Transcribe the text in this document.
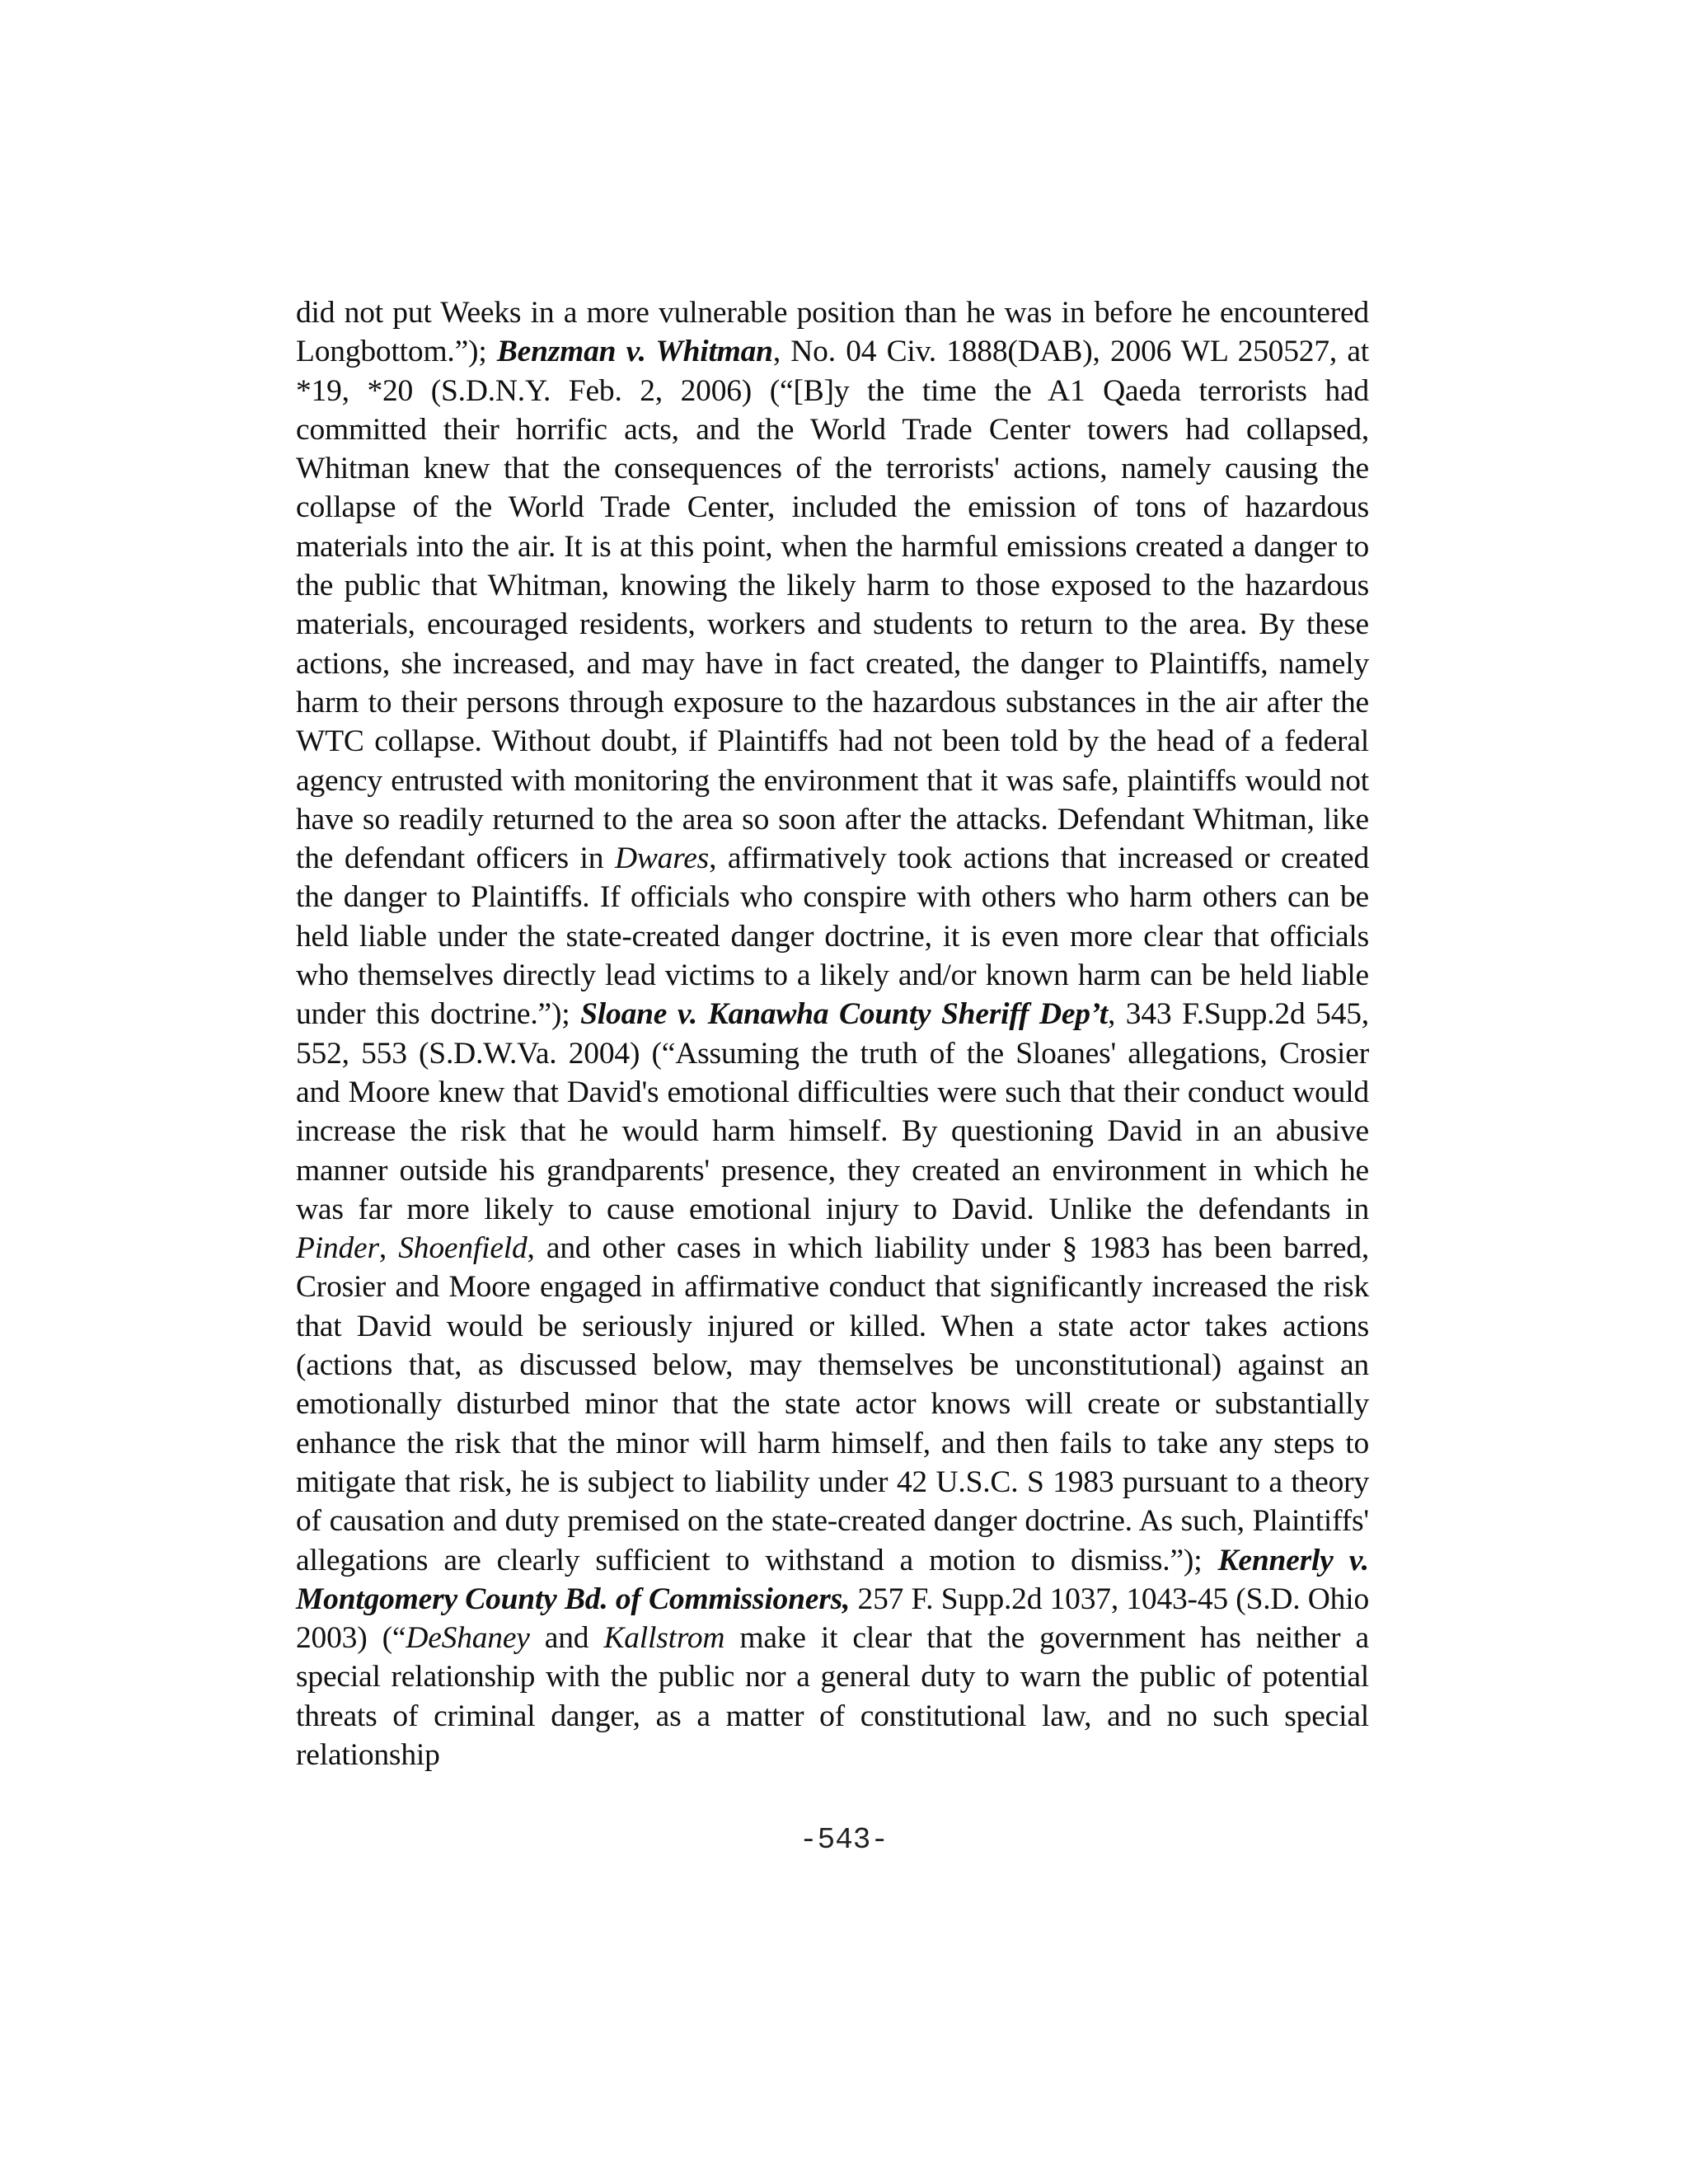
did not put Weeks in a more vulnerable position than he was in before he encountered Longbottom.”); Benzman v. Whitman, No. 04 Civ. 1888(DAB), 2006 WL 250527, at *19, *20 (S.D.N.Y. Feb. 2, 2006) (“[B]y the time the A1 Qaeda terrorists had committed their horrific acts, and the World Trade Center towers had collapsed, Whitman knew that the consequences of the terrorists' actions, namely causing the collapse of the World Trade Center, included the emission of tons of hazardous materials into the air. It is at this point, when the harmful emissions created a danger to the public that Whitman, knowing the likely harm to those exposed to the hazardous materials, encouraged residents, workers and students to return to the area. By these actions, she increased, and may have in fact created, the danger to Plaintiffs, namely harm to their persons through exposure to the hazardous substances in the air after the WTC collapse. Without doubt, if Plaintiffs had not been told by the head of a federal agency entrusted with monitoring the environment that it was safe, plaintiffs would not have so readily returned to the area so soon after the attacks. Defendant Whitman, like the defendant officers in Dwares, affirmatively took actions that increased or created the danger to Plaintiffs. If officials who conspire with others who harm others can be held liable under the state-created danger doctrine, it is even more clear that officials who themselves directly lead victims to a likely and/or known harm can be held liable under this doctrine.”); Sloane v. Kanawha County Sheriff Dep’t, 343 F.Supp.2d 545, 552, 553 (S.D.W.Va. 2004) (“Assuming the truth of the Sloanes' allegations, Crosier and Moore knew that David's emotional difficulties were such that their conduct would increase the risk that he would harm himself. By questioning David in an abusive manner outside his grandparents' presence, they created an environment in which he was far more likely to cause emotional injury to David. Unlike the defendants in Pinder, Shoenfield, and other cases in which liability under § 1983 has been barred, Crosier and Moore engaged in affirmative conduct that significantly increased the risk that David would be seriously injured or killed. When a state actor takes actions (actions that, as discussed below, may themselves be unconstitutional) against an emotionally disturbed minor that the state actor knows will create or substantially enhance the risk that the minor will harm himself, and then fails to take any steps to mitigate that risk, he is subject to liability under 42 U.S.C. S 1983 pursuant to a theory of causation and duty premised on the state-created danger doctrine. As such, Plaintiffs' allegations are clearly sufficient to withstand a motion to dismiss.”); Kennerly v. Montgomery County Bd. of Commissioners, 257 F. Supp.2d 1037, 1043-45 (S.D. Ohio 2003) (“DeShaney and Kallstrom make it clear that the government has neither a special relationship with the public nor a general duty to warn the public of potential threats of criminal danger, as a matter of constitutional law, and no such special relationship

-543-
